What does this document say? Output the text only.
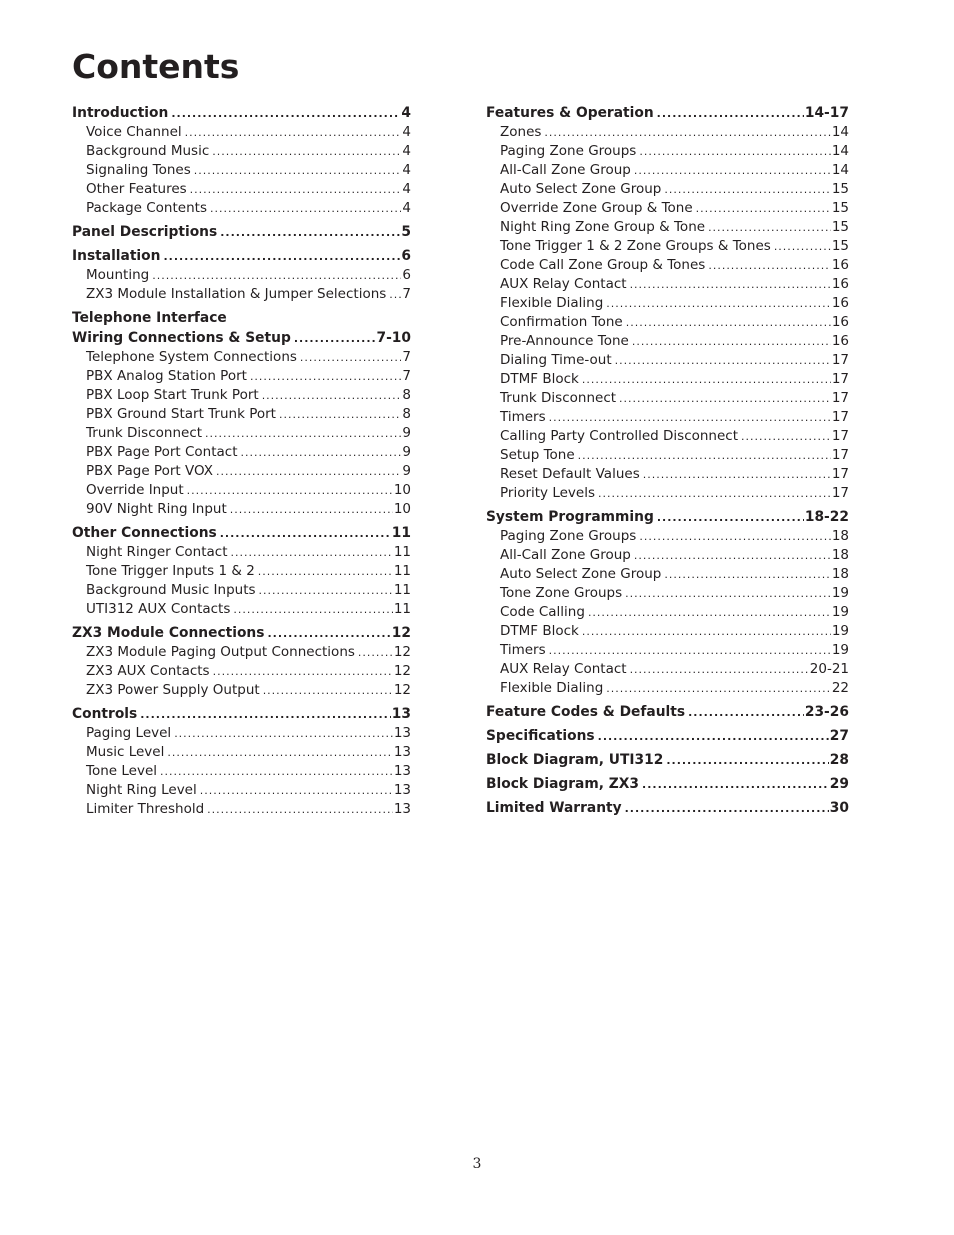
Contents
Introduction .....	4
Voice Channel .....	4
Background Music .....	4
Signaling Tones .....	4
Other Features .....	4
Package Contents .....	4
Panel Descriptions .....	5
Installation .....	6
Mounting .....	6
ZX3 Module Installation & Jumper Selections ..... 7
Telephone Interface
Wiring Connections & Setup .....	7-10
Telephone System Connections .....	7
PBX Analog Station Port .....	7
PBX Loop Start Trunk Port .....	8
PBX Ground Start Trunk Port .....	8
Trunk Disconnect .....	9
PBX Page Port Contact .....	9
PBX Page Port VOX .....	9
Override Input .....	10
90V Night Ring Input .....	10
Other Connections .....	11
Night Ringer Contact .....	11
Tone Trigger Inputs 1 & 2 .....	11
Background Music Inputs .....	11
UTI312 AUX Contacts .....	11
ZX3 Module Connections .....	12
ZX3 Module Paging Output Connections .....	12
ZX3 AUX Contacts .....	12
ZX3 Power Supply Output .....	12
Controls .....	13
Paging Level .....	13
Music Level .....	13
Tone Level .....	13
Night Ring Level .....	13
Limiter Threshold .....	13
Features & Operation .....	14-17
Zones .....	14
Paging Zone Groups .....	14
All-Call Zone Group .....	14
Auto Select Zone Group .....	15
Override Zone Group & Tone .....	15
Night Ring Zone Group & Tone .....	15
Tone Trigger 1 & 2 Zone Groups & Tones .....	15
Code Call Zone Group & Tones .....	16
AUX Relay Contact .....	16
Flexible Dialing .....	16
Confirmation Tone .....	16
Pre-Announce Tone .....	16
Dialing Time-out .....	17
DTMF Block .....	17
Trunk Disconnect .....	17
Timers .....	17
Calling Party Controlled Disconnect .....	17
Setup Tone .....	17
Reset Default Values .....	17
Priority Levels .....	17
System Programming .....	18-22
Paging Zone Groups .....	18
All-Call Zone Group .....	18
Auto Select Zone Group .....	18
Tone Zone Groups .....	19
Code Calling .....	19
DTMF Block .....	19
Timers .....	19
AUX Relay Contact .....	20-21
Flexible Dialing .....	22
Feature Codes & Defaults .....	23-26
Specifications .....	27
Block Diagram, UTI312 .....	28
Block Diagram, ZX3 .....	29
Limited Warranty .....	30
3
